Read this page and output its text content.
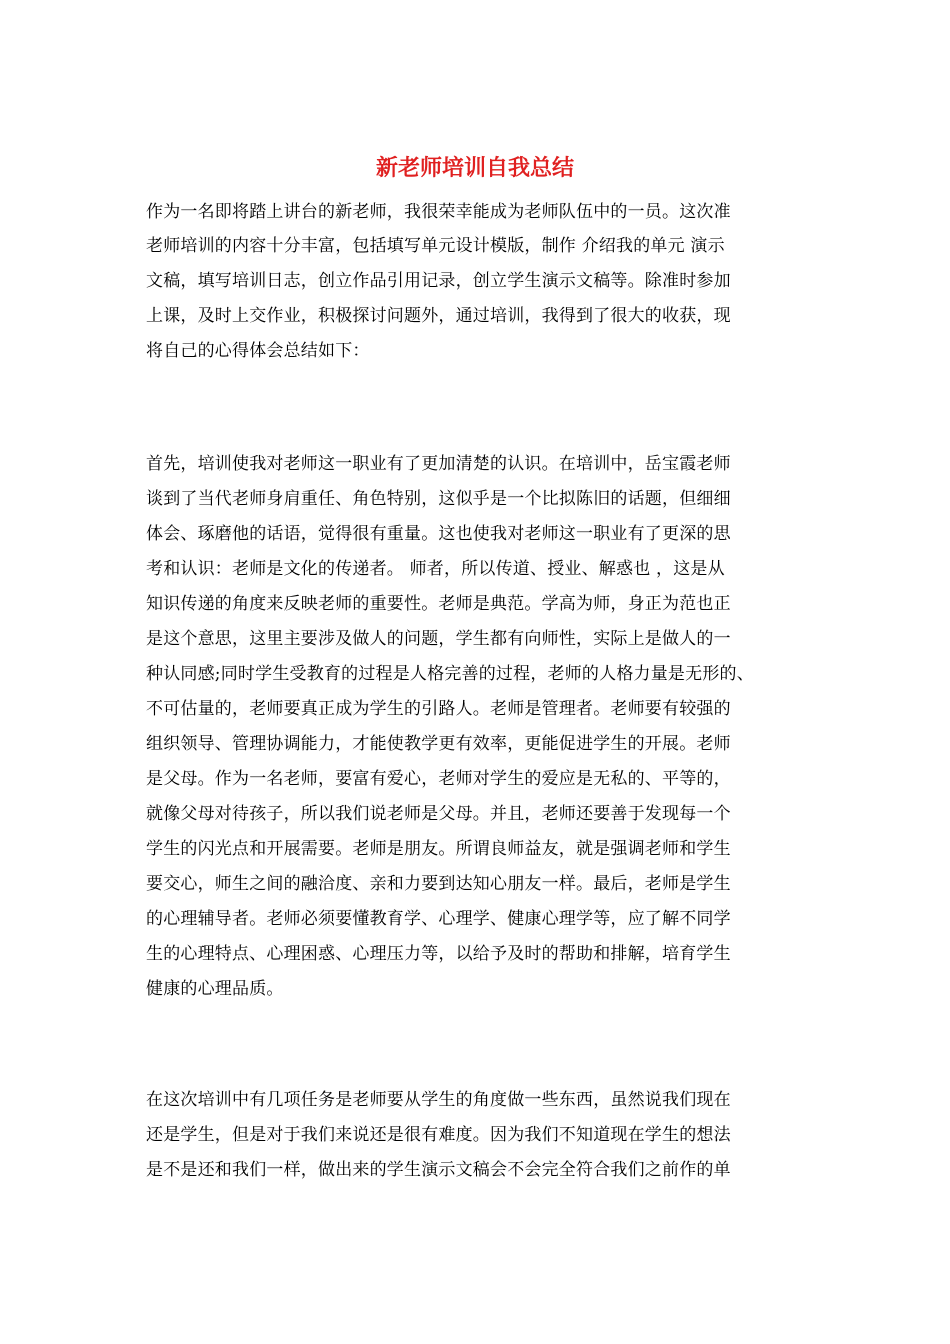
新老师培训自我总结
作为一名即将踏上讲台的新老师，我很荣幸能成为老师队伍中的一员。这次准
老师培训的内容十分丰富，包括填写单元设计模版，制作 介绍我的单元 演示
文稿，填写培训日志，创立作品引用记录，创立学生演示文稿等。除准时参加
上课，及时上交作业，积极探讨问题外，通过培训，我得到了很大的收获，现
将自己的心得体会总结如下：
首先，培训使我对老师这一职业有了更加清楚的认识。在培训中，岳宝霞老师
谈到了当代老师身肩重任、角色特别，这似乎是一个比拟陈旧的话题，但细细
体会、琢磨他的话语，觉得很有重量。这也使我对老师这一职业有了更深的思
考和认识：老师是文化的传递者。 师者，所以传道、授业、解惑也 ，这是从
知识传递的角度来反映老师的重要性。老师是典范。学高为师，身正为范也正
是这个意思，这里主要涉及做人的问题，学生都有向师性，实际上是做人的一
种认同感;同时学生受教育的过程是人格完善的过程，老师的人格力量是无形的、
不可估量的，老师要真正成为学生的引路人。老师是管理者。老师要有较强的
组织领导、管理协调能力，才能使教学更有效率，更能促进学生的开展。老师
是父母。作为一名老师，要富有爱心，老师对学生的爱应是无私的、平等的，
就像父母对待孩子，所以我们说老师是父母。并且，老师还要善于发现每一个
学生的闪光点和开展需要。老师是朋友。所谓良师益友，就是强调老师和学生
要交心，师生之间的融洽度、亲和力要到达知心朋友一样。最后，老师是学生
的心理辅导者。老师必须要懂教育学、心理学、健康心理学等，应了解不同学
生的心理特点、心理困惑、心理压力等，以给予及时的帮助和排解，培育学生
健康的心理品质。
在这次培训中有几项任务是老师要从学生的角度做一些东西，虽然说我们现在
还是学生，但是对于我们来说还是很有难度。因为我们不知道现在学生的想法
是不是还和我们一样，做出来的学生演示文稿会不会完全符合我们之前作的单
